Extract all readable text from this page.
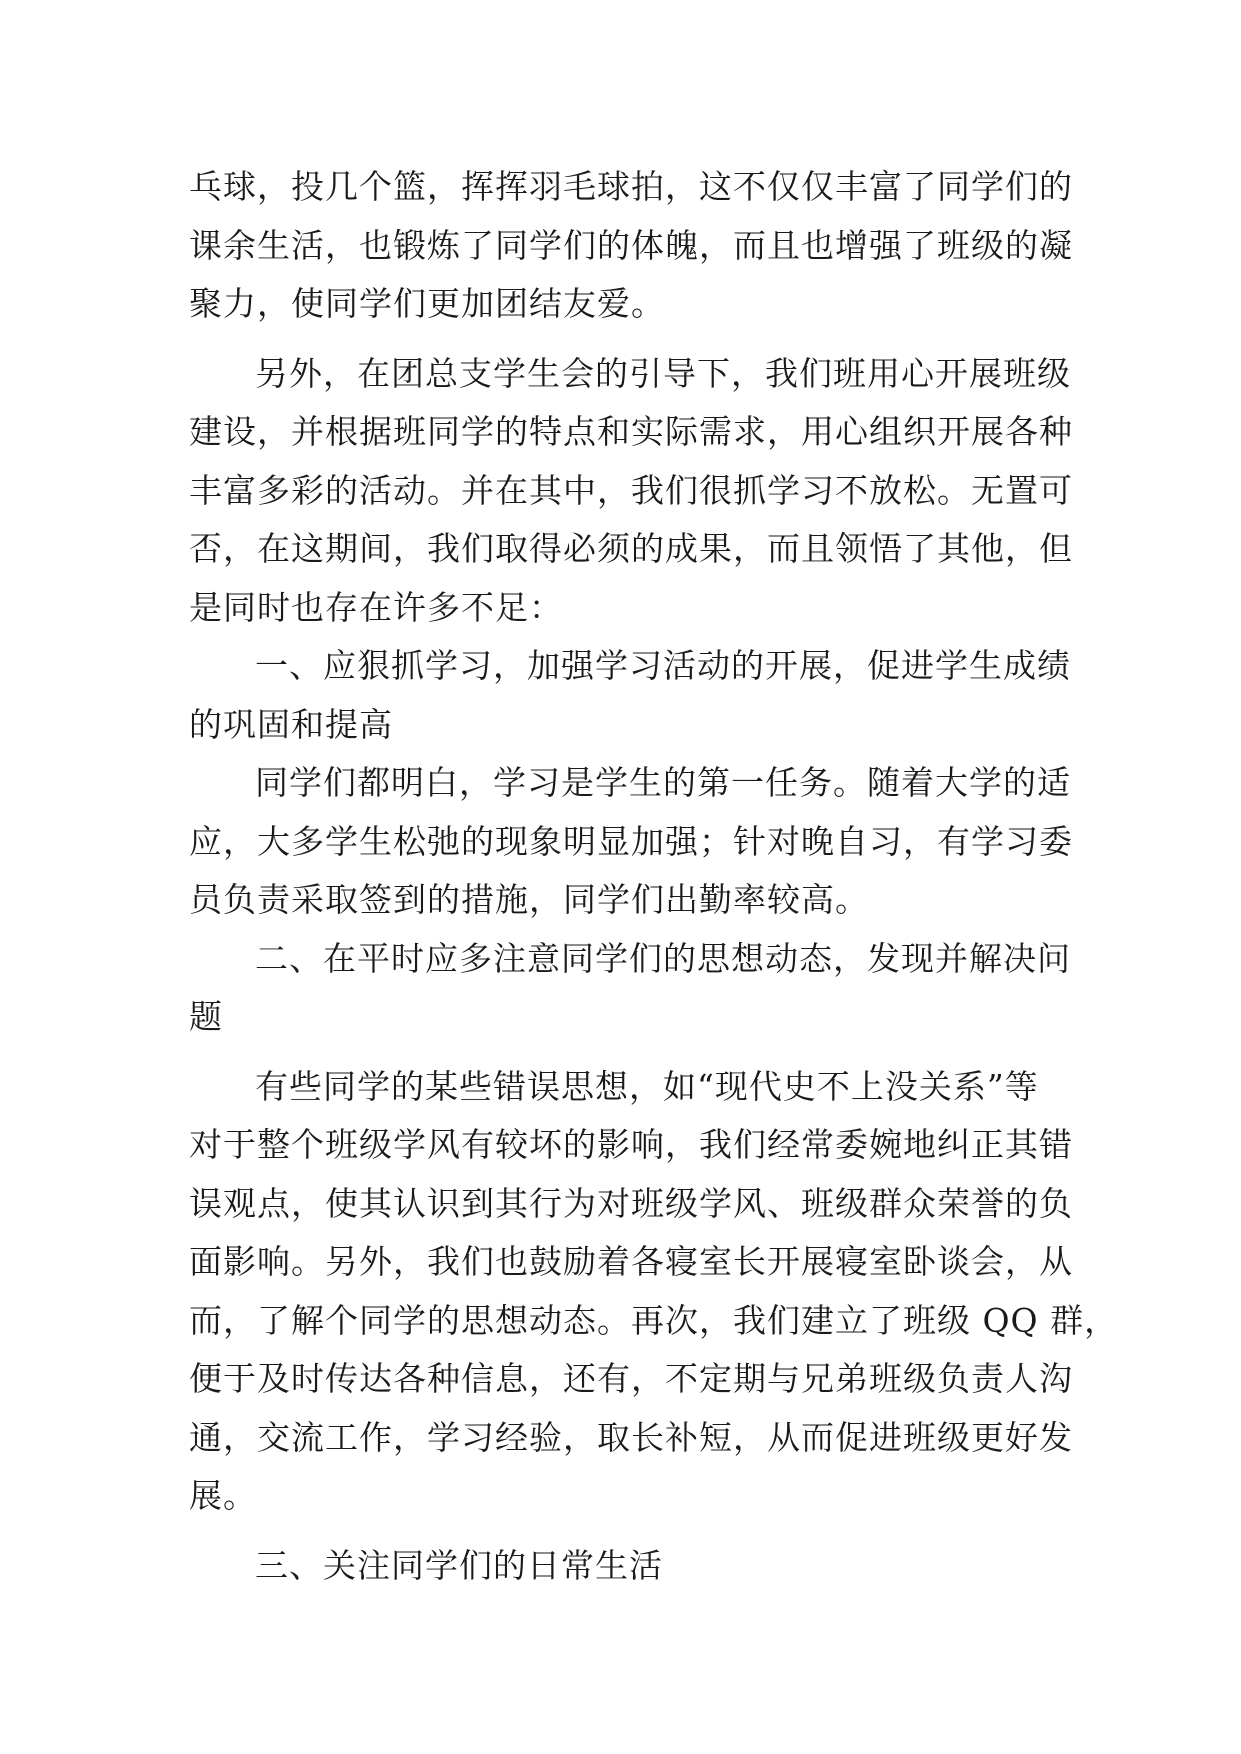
乓球，投几个篮，挥挥羽毛球拍，这不仅仅丰富了同学们的
课余生活，也锻炼了同学们的体魄，而且也增强了班级的凝
聚力，使同学们更加团结友爱。
另外，在团总支学生会的引导下，我们班用心开展班级
建设，并根据班同学的特点和实际需求，用心组织开展各种
丰富多彩的活动。并在其中，我们很抓学习不放松。无置可
否，在这期间，我们取得必须的成果，而且领悟了其他，但
是同时也存在许多不足：
一、应狠抓学习，加强学习活动的开展，促进学生成绩
的巩固和提高
同学们都明白，学习是学生的第一任务。随着大学的适
应，大多学生松弛的现象明显加强；针对晚自习，有学习委
员负责采取签到的措施，同学们出勤率较高。
二、在平时应多注意同学们的思想动态，发现并解决问
题
有些同学的某些错误思想，如“现代史不上没关系”等
对于整个班级学风有较坏的影响，我们经常委婉地纠正其错
误观点，使其认识到其行为对班级学风、班级群众荣誉的负
面影响。另外，我们也鼓励着各寝室长开展寝室卧谈会，从
而，了解个同学的思想动态。再次，我们建立了班级 QQ 群，
便于及时传达各种信息，还有，不定期与兄弟班级负责人沟
通，交流工作，学习经验，取长补短，从而促进班级更好发
展。
三、关注同学们的日常生活
